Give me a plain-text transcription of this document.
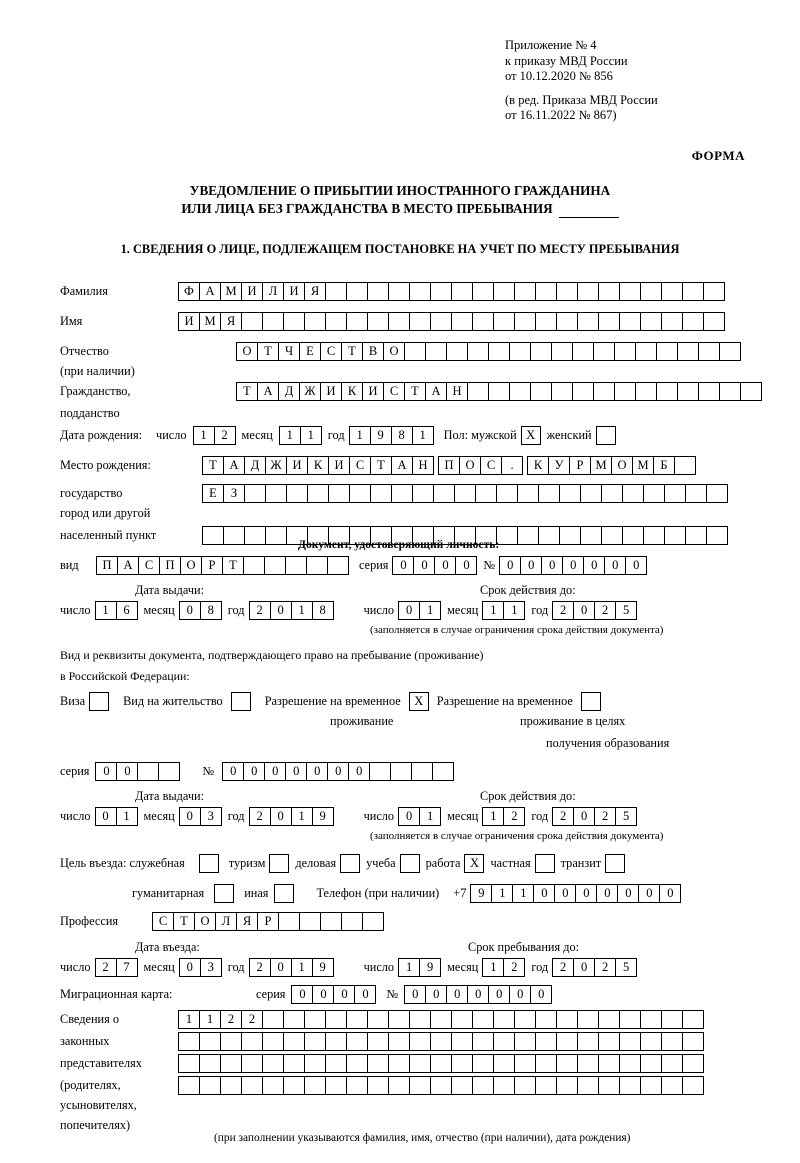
Приложение № 4
к приказу МВД России
от 10.12.2020 № 856
(в ред. Приказа МВД России
от 16.11.2022 № 867)
ФОРМА
УВЕДОМЛЕНИЕ О ПРИБЫТИИ ИНОСТРАННОГО ГРАЖДАНИНА
ИЛИ ЛИЦА БЕЗ ГРАЖДАНСТВА В МЕСТО ПРЕБЫВАНИЯ
1. СВЕДЕНИЯ О ЛИЦЕ, ПОДЛЕЖАЩЕМ ПОСТАНОВКЕ НА УЧЕТ ПО МЕСТУ ПРЕБЫВАНИЯ
Фамилия	Ф А М И Л И Я
Имя	И М Я
Отчество	О	Т	Ч	Е	С	Т	В О
(при наличии)
Гражданство,	Т	А Д Ж И К И С	Т	А Н
подданство
Дата рождения: число	1	2	месяц	1	1	год 1	9	8	1	Пол: мужской X женский
Место рождения:	Т	А Д Ж И К И С	Т	А Н	П О С	.	К У	Р М О М Б
государство	Е	З
город или другой
населенный пункт
Документ, удостоверяющий личность:
вид	П А С П О	Р	Т	серия 0	0	0	0	№ 0	0	0	0	0	0	0
Дата выдачи:	Срок действия до:
число 1	6	месяц 0	8	год 2	0	1	8	число 0	1	месяц 1	1	год 2	0	2	5
(заполняется в случае ограничения срока действия документа)
Вид и реквизиты документа, подтверждающего право на пребывание (проживание)
в Российской Федерации:
Виза	Вид на жительство	Разрешение на временное	X	Разрешение на временное
проживание	проживание в целях
получения образования
серия	0	0	№	0	0	0	0	0	0	0
Дата выдачи:	Срок действия до:
число 0	1	месяц 0	3	год 2	0	1	9	число 0	1	месяц 1	2	год 2	0	2	5
(заполняется в случае ограничения срока действия документа)
Цель въезда: служебная	туризм деловая учеба работа X частная транзит
гуманитарная	иная	Телефон (при наличии) +7 9	1	1	0	0	0	0	0	0	0
Профессия	С	Т	О Л	Я	Р
Дата въезда:	Срок пребывания до:
число 2	7	месяц 0	3	год 2	0	1	9	число 1	9	месяц 1	2	год 2	0	2	5
Миграционная карта:	серия	0	0	0	0	№	0	0	0	0	0	0	0
Сведения о	1	1	2	2
законных
представителях
(родителях,
усыновителях,
попечителях)
(при заполнении указываются фамилия, имя, отчество (при наличии), дата рождения)
